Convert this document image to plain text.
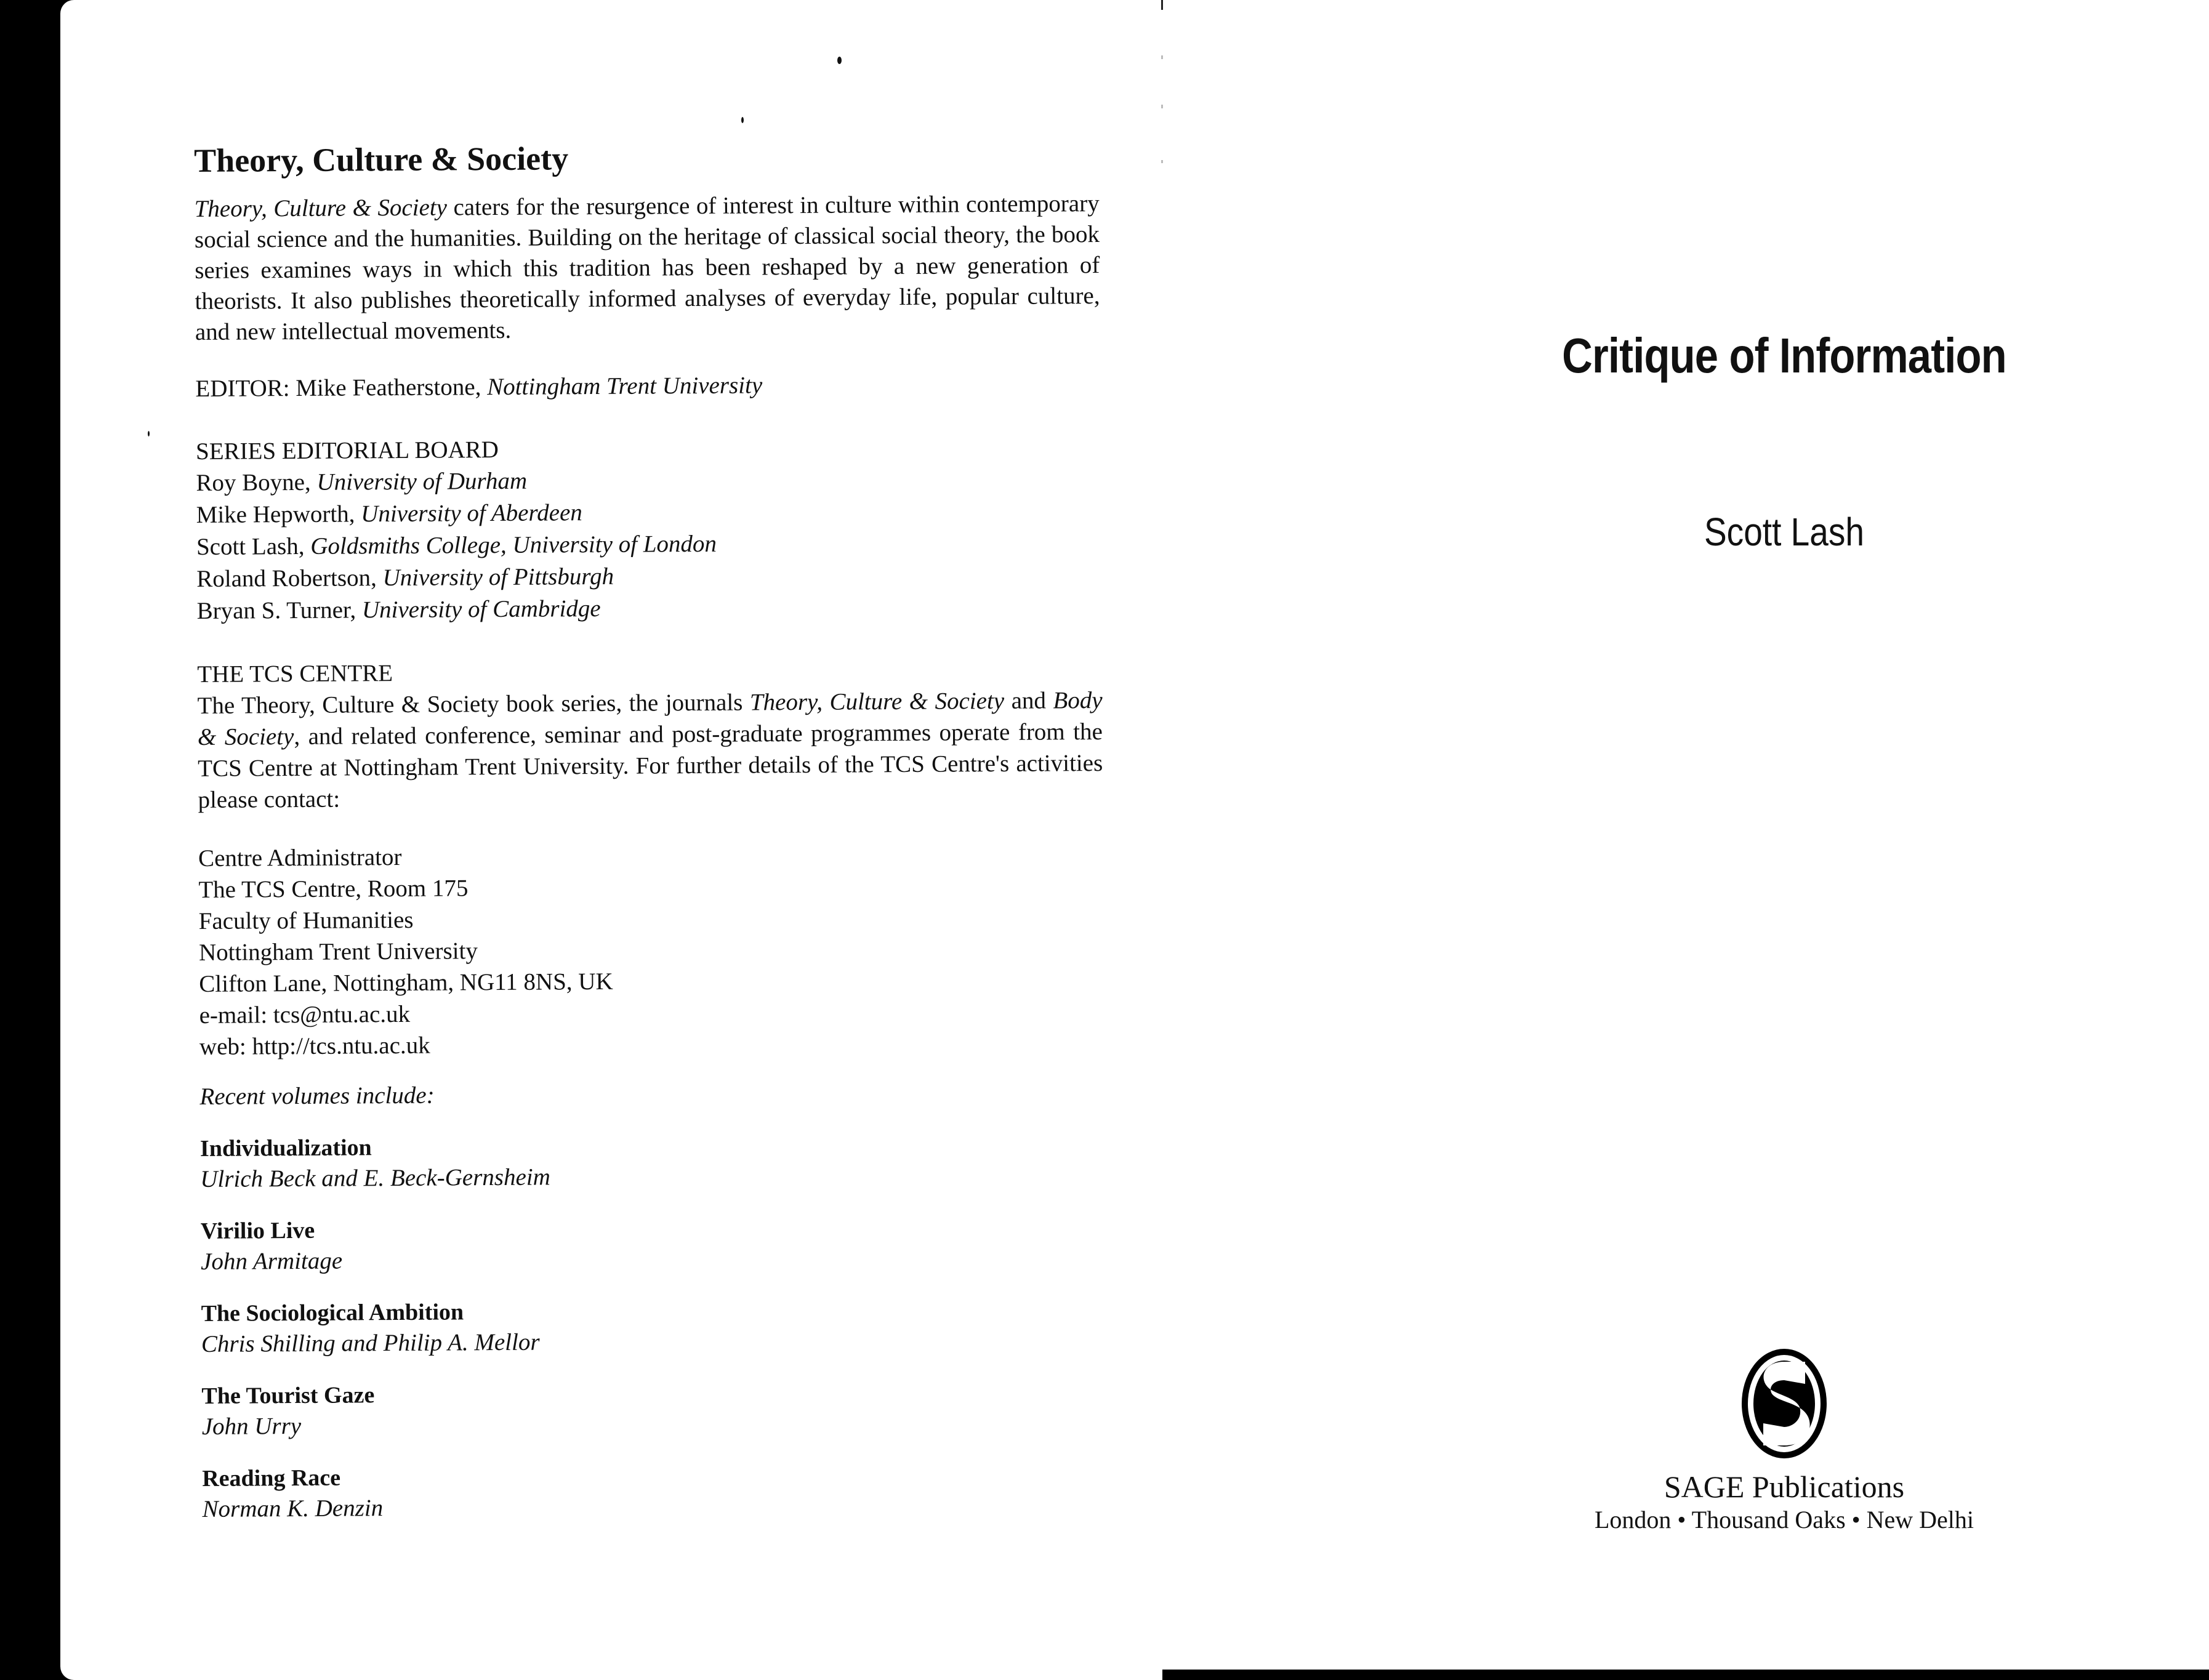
Theory, Culture & Society

Theory, Culture & Society caters for the resurgence of interest in culture within contemporary social science and the humanities. Building on the heritage of classical social theory, the book series examines ways in which this tradition has been reshaped by a new generation of theorists. It also publishes theoretically informed analyses of everyday life, popular culture, and new intellectual movements.

EDITOR: Mike Featherstone, Nottingham Trent University
SERIES EDITORIAL BOARD
Roy Boyne, University of Durham
Mike Hepworth, University of Aberdeen
Scott Lash, Goldsmiths College, University of London
Roland Robertson, University of Pittsburgh
Bryan S. Turner, University of Cambridge
THE TCS CENTRE

The Theory, Culture & Society book series, the journals Theory, Culture & Society and Body & Society, and related conference, seminar and post-graduate programmes operate from the TCS Centre at Nottingham Trent University. For further details of the TCS Centre's activities please contact:

Centre Administrator
The TCS Centre, Room 175
Faculty of Humanities
Nottingham Trent University
Clifton Lane, Nottingham, NG11 8NS, UK
e-mail: tcs@ntu.ac.uk
web: http://tcs.ntu.ac.uk
Recent volumes include:
Individualization
Ulrich Beck and E. Beck-Gernsheim
Virilio Live
John Armitage
The Sociological Ambition
Chris Shilling and Philip A. Mellor
The Tourist Gaze
John Urry
Reading Race
Norman K. Denzin
Critique of Information
Scott Lash
SAGE Publications
London • Thousand Oaks • New Delhi
